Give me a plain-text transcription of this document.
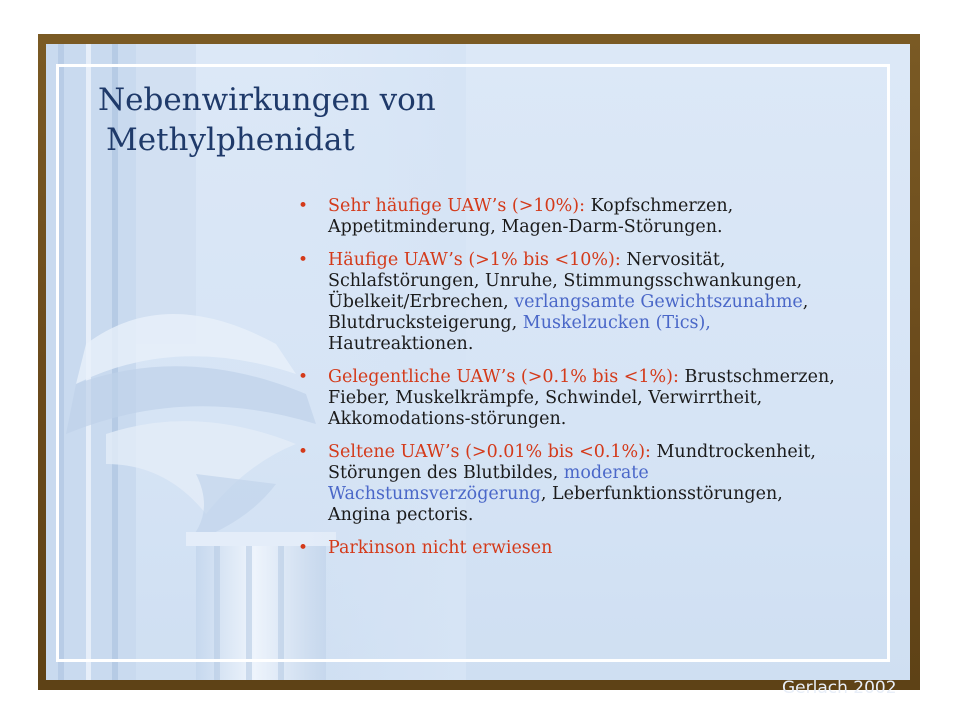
Nebenwirkungen von
Methylphenidat
• Sehr häufige UAW’s (>10%): Kopfschmerzen, Appetitminderung, Magen-Darm-Störungen.
• Häufige UAW’s (>1% bis <10%): Nervosität, Schlafstörungen, Unruhe, Stimmungsschwankungen, Übelkeit/Erbrechen, verlangsamte Gewichtszunahme, Blutdrucksteigerung, Muskelzucken (Tics), Hautreaktionen.
• Gelegentliche UAW’s (>0.1% bis <1%): Brustschmerzen, Fieber, Muskelkrämpfe, Schwindel, Verwirrtheit, Akkomodations-störungen.
• Seltene UAW’s (>0.01% bis <0.1%): Mundtrockenheit, Störungen des Blutbildes, moderate Wachstumsverzögerung, Leberfunktionsstörungen, Angina pectoris.
• Parkinson nicht erwiesen
Gerlach 2002
